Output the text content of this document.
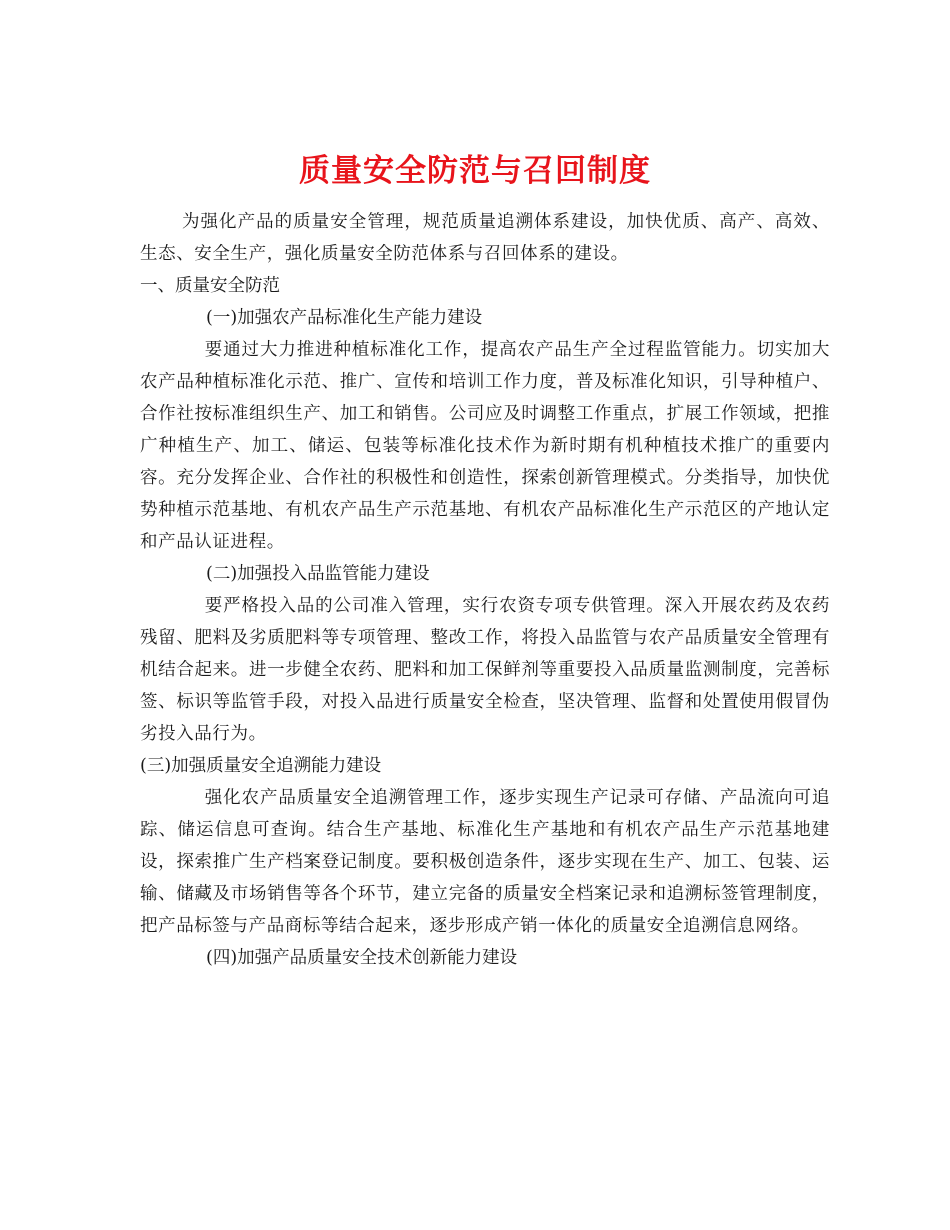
质量安全防范与召回制度

为强化产品的质量安全管理，规范质量追溯体系建设，加快优质、高产、高效、生态、安全生产，强化质量安全防范体系与召回体系的建设。

一、质量安全防范

(一)加强农产品标准化生产能力建设

要通过大力推进种植标准化工作，提高农产品生产全过程监管能力。切实加大农产品种植标准化示范、推广、宣传和培训工作力度，普及标准化知识，引导种植户、合作社按标准组织生产、加工和销售。公司应及时调整工作重点，扩展工作领域，把推广种植生产、加工、储运、包装等标准化技术作为新时期有机种植技术推广的重要内容。充分发挥企业、合作社的积极性和创造性，探索创新管理模式。分类指导，加快优势种植示范基地、有机农产品生产示范基地、有机农产品标准化生产示范区的产地认定和产品认证进程。

(二)加强投入品监管能力建设

要严格投入品的公司准入管理，实行农资专项专供管理。深入开展农药及农药残留、肥料及劣质肥料等专项管理、整改工作，将投入品监管与农产品质量安全管理有机结合起来。进一步健全农药、肥料和加工保鲜剂等重要投入品质量监测制度，完善标签、标识等监管手段，对投入品进行质量安全检查，坚决管理、监督和处置使用假冒伪劣投入品行为。

(三)加强质量安全追溯能力建设

强化农产品质量安全追溯管理工作，逐步实现生产记录可存储、产品流向可追踪、储运信息可查询。结合生产基地、标准化生产基地和有机农产品生产示范基地建设，探索推广生产档案登记制度。要积极创造条件，逐步实现在生产、加工、包装、运输、储藏及市场销售等各个环节，建立完备的质量安全档案记录和追溯标签管理制度，把产品标签与产品商标等结合起来，逐步形成产销一体化的质量安全追溯信息网络。

(四)加强产品质量安全技术创新能力建设
